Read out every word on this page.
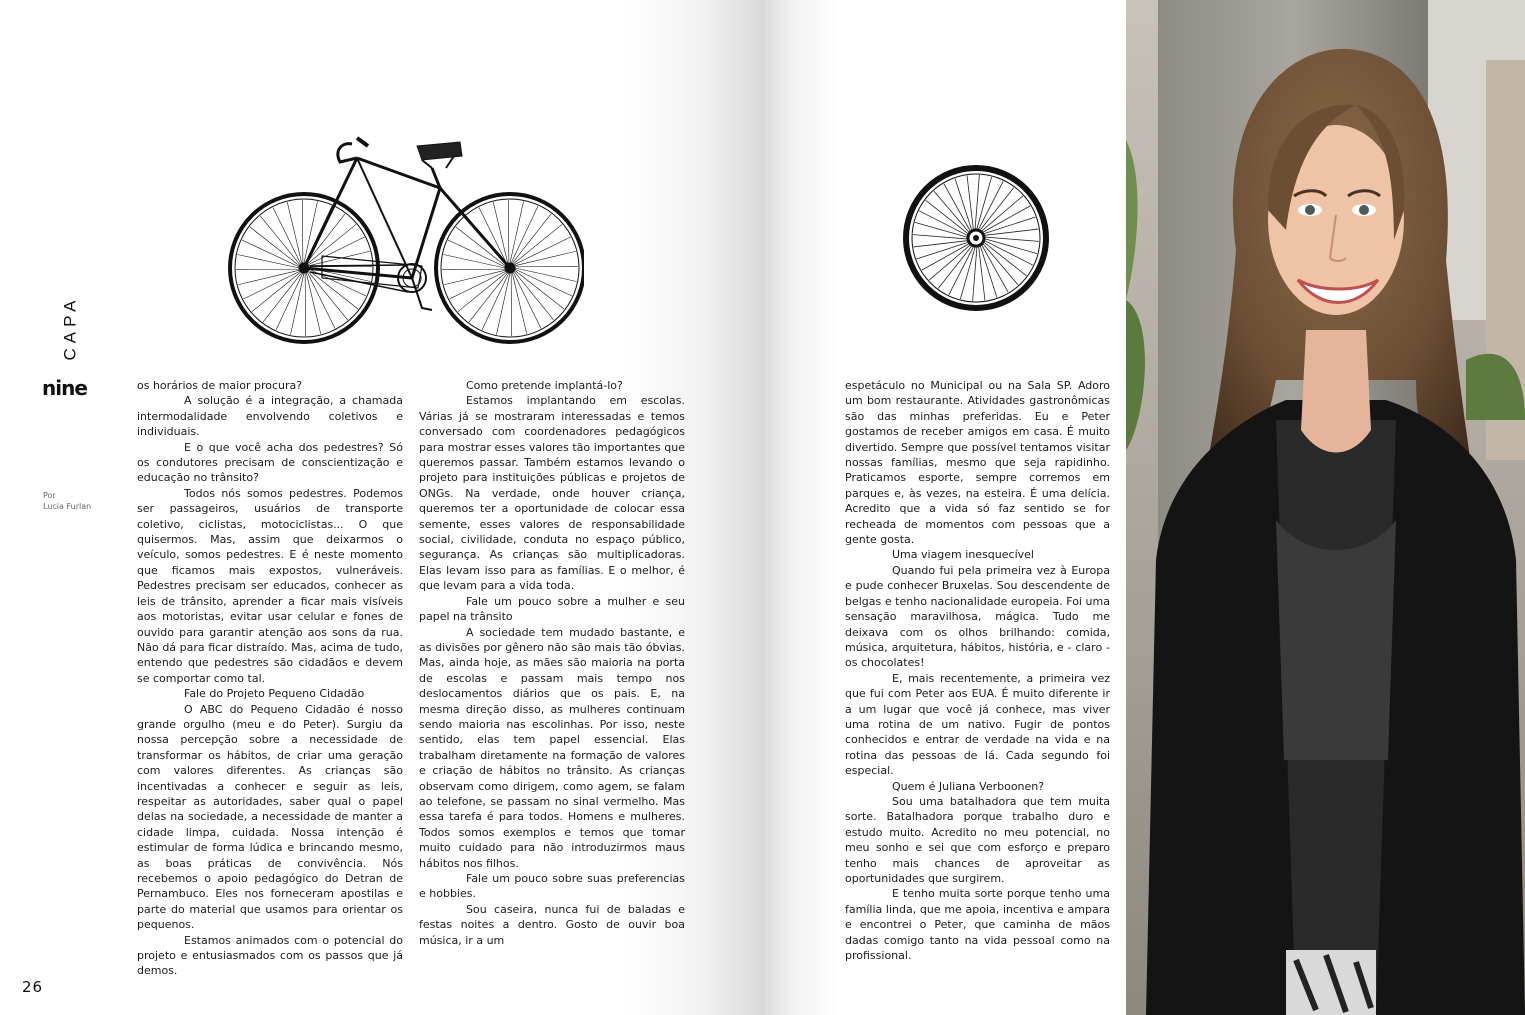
CAPA
nine
Por
Lucia Furlan
26

os horários de maior procura?

A solução é a integração, a chamada intermodalidade envolvendo coletivos e individuais.

E o que você acha dos pedestres? Só os condutores precisam de conscientização e educação no trânsito?

Todos nós somos pedestres. Podemos ser passageiros, usuários de transporte coletivo, ciclistas, motociclistas... O que quisermos. Mas, assim que deixarmos o veículo, somos pedestres. E é neste momento que ficamos mais expostos, vulneráveis. Pedestres precisam ser educados, conhecer as leis de trânsito, aprender a ficar mais visíveis aos motoristas, evitar usar celular e fones de ouvido para garantir atenção aos sons da rua. Não dá para ficar distraído. Mas, acima de tudo, entendo que pedestres são cidadãos e devem se comportar como tal.

Fale do Projeto Pequeno Cidadão

O ABC do Pequeno Cidadão é nosso grande orgulho (meu e do Peter). Surgiu da nossa percepção sobre a necessidade de transformar os hábitos, de criar uma geração com valores diferentes. As crianças são incentivadas a conhecer e seguir as leis, respeitar as autoridades, saber qual o papel delas na sociedade, a necessidade de manter a cidade limpa, cuidada. Nossa intenção é estimular de forma lúdica e brincando mesmo, as boas práticas de convivência. Nós recebemos o apoio pedagógico do Detran de Pernambuco. Eles nos forneceram apostilas e parte do material que usamos para orientar os pequenos.

Estamos animados com o potencial do projeto e entusiasmados com os passos que já demos.

Como pretende implantá-lo?

Estamos implantando em escolas. Várias já se mostraram interessadas e temos conversado com coordenadores pedagógicos para mostrar esses valores tão importantes que queremos passar. Também estamos levando o projeto para instituições públicas e projetos de ONGs. Na verdade, onde houver criança, queremos ter a oportunidade de colocar essa semente, esses valores de responsabilidade social, civilidade, conduta no espaço público, segurança. As crianças são multiplicadoras. Elas levam isso para as famílias. E o melhor, é que levam para a vida toda.

Fale um pouco sobre a mulher e seu papel na trânsito

A sociedade tem mudado bastante, e as divisões por gênero não são mais tão óbvias. Mas, ainda hoje, as mães são maioria na porta de escolas e passam mais tempo nos deslocamentos diários que os pais. E, na mesma direção disso, as mulheres continuam sendo maioria nas escolinhas. Por isso, neste sentido, elas tem papel essencial. Elas trabalham diretamente na formação de valores e criação de hábitos no trânsito. As crianças observam como dirigem, como agem, se falam ao telefone, se passam no sinal vermelho. Mas essa tarefa é para todos. Homens e mulheres. Todos somos exemplos e temos que tomar muito cuidado para não introduzirmos maus hábitos nos filhos.

Fale um pouco sobre suas preferencias e hobbies.

Sou caseira, nunca fui de baladas e festas noites a dentro. Gosto de ouvir boa música, ir a um

espetáculo no Municipal ou na Sala SP. Adoro um bom restaurante. Atividades gastronômicas são das minhas preferidas. Eu e Peter gostamos de receber amigos em casa. É muito divertido. Sempre que possível tentamos visitar nossas famílias, mesmo que seja rapidinho. Praticamos esporte, sempre corremos em parques e, às vezes, na esteira. É uma delícia. Acredito que a vida só faz sentido se for recheada de momentos com pessoas que a gente gosta.

Uma viagem inesquecível

Quando fui pela primeira vez à Europa e pude conhecer Bruxelas. Sou descendente de belgas e tenho nacionalidade europeia. Foi uma sensação maravilhosa, mágica. Tudo me deixava com os olhos brilhando: comida, música, arquitetura, hábitos, história, e - claro - os chocolates!

E, mais recentemente, a primeira vez que fui com Peter aos EUA. É muito diferente ir a um lugar que você já conhece, mas viver uma rotina de um nativo. Fugir de pontos conhecidos e entrar de verdade na vida e na rotina das pessoas de lá. Cada segundo foi especial.

Quem é Juliana Verboonen?

Sou uma batalhadora que tem muita sorte. Batalhadora porque trabalho duro e estudo muito. Acredito no meu potencial, no meu sonho e sei que com esforço e preparo tenho mais chances de aproveitar as oportunidades que surgirem.

E tenho muita sorte porque tenho uma família linda, que me apoia, incentiva e ampara e encontrei o Peter, que caminha de mãos dadas comigo tanto na vida pessoal como na profissional.
